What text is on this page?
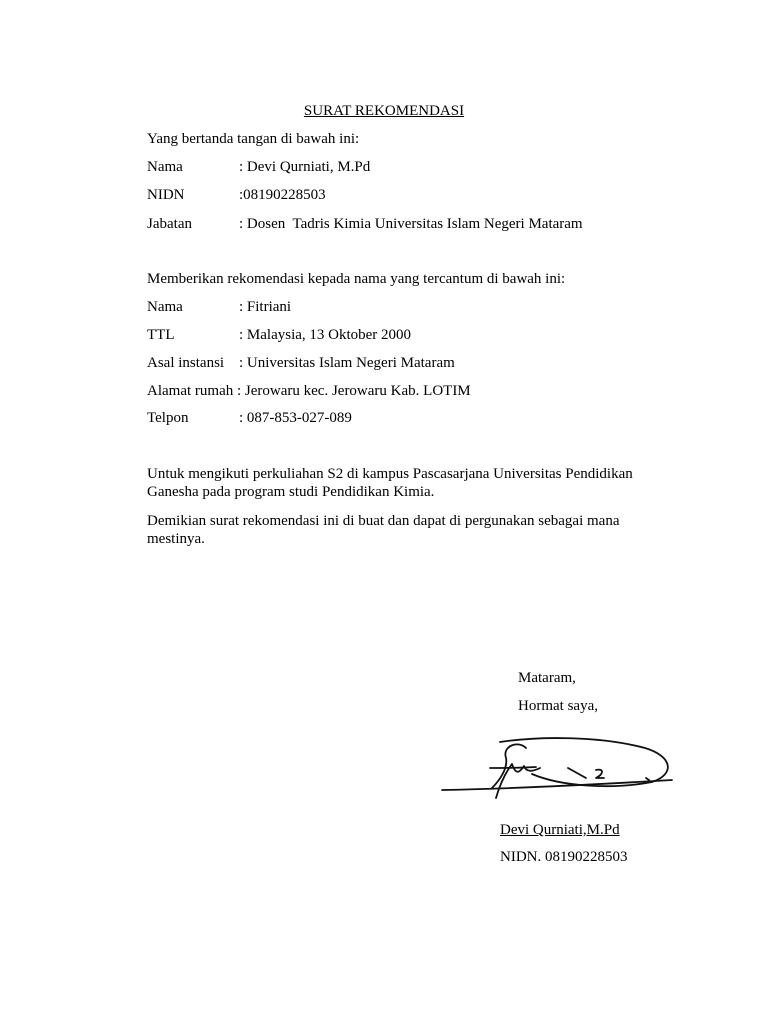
SURAT REKOMENDASI
Yang bertanda tangan di bawah ini:
Nama	: Devi Qurniati, M.Pd
NIDN	:08190228503
Jabatan	: Dosen  Tadris Kimia Universitas Islam Negeri Mataram
Memberikan rekomendasi kepada nama yang tercantum di bawah ini:
Nama	: Fitriani
TTL	: Malaysia, 13 Oktober 2000
Asal instansi : Universitas Islam Negeri Mataram
Alamat rumah : Jerowaru kec. Jerowaru Kab. LOTIM
Telpon	: 087-853-027-089
Untuk mengikuti perkuliahan S2 di kampus Pascasarjana Universitas Pendidikan Ganesha pada program studi Pendidikan Kimia.
Demikian surat rekomendasi ini di buat dan dapat di pergunakan sebagai mana mestinya.
Mataram,
Hormat saya,
Devi Qurniati,M.Pd
NIDN. 08190228503
